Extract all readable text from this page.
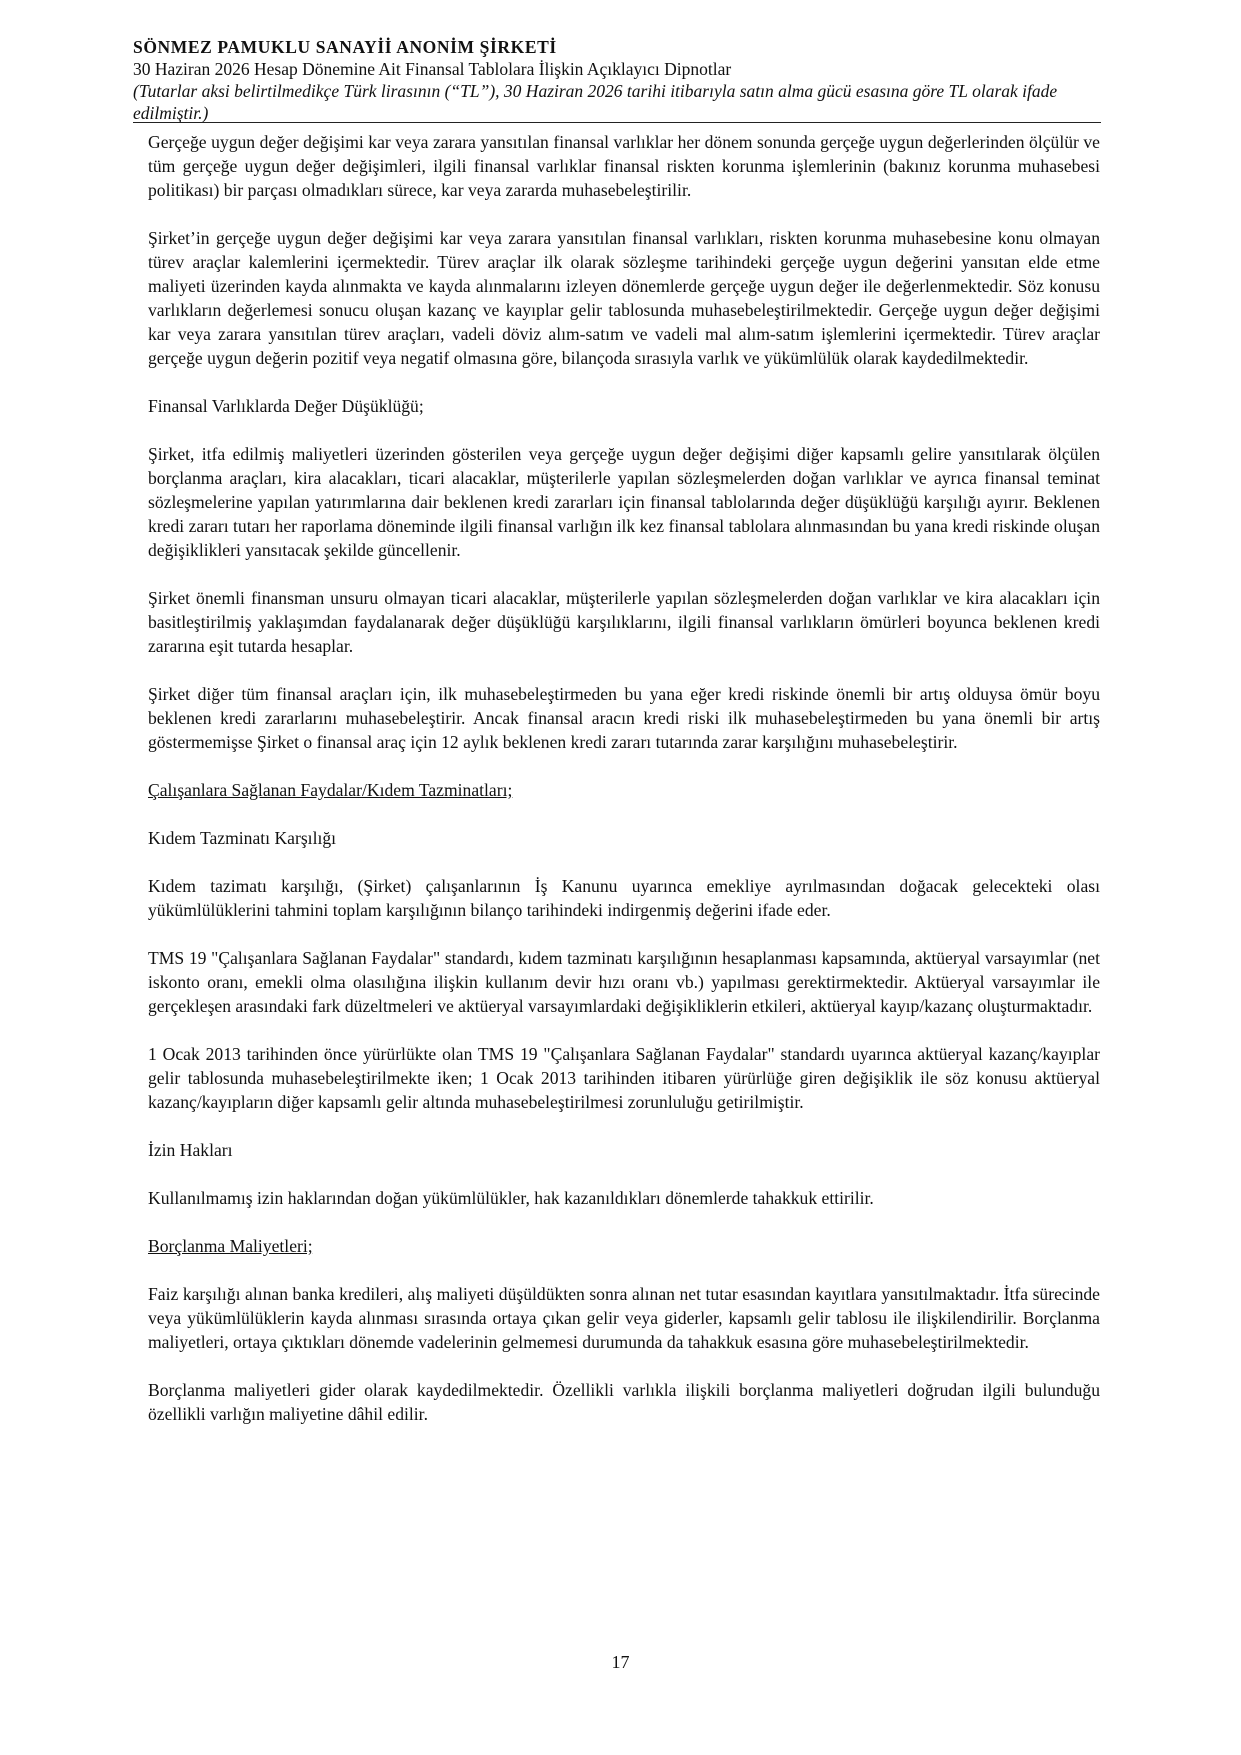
SÖNMEZ PAMUKLU SANAYİİ ANONİM ŞİRKETİ
30 Haziran 2026 Hesap Dönemine Ait Finansal Tablolara İlişkin Açıklayıcı Dipnotlar
(Tutarlar aksi belirtilmedikçe Türk lirasının (“TL”), 30 Haziran 2026 tarihi itibarıyla satın alma gücü esasına göre TL olarak ifade edilmiştir.)

Gerçeğe uygun değer değişimi kar veya zarara yansıtılan finansal varlıklar her dönem sonunda gerçeğe uygun değerlerinden ölçülür ve tüm gerçeğe uygun değer değişimleri, ilgili finansal varlıklar finansal riskten korunma işlemlerinin (bakınız korunma muhasebesi politikası) bir parçası olmadıkları sürece, kar veya zararda muhasebeleştirilir.

Şirket’in gerçeğe uygun değer değişimi kar veya zarara yansıtılan finansal varlıkları, riskten korunma muhasebesine konu olmayan türev araçlar kalemlerini içermektedir. Türev araçlar ilk olarak sözleşme tarihindeki gerçeğe uygun değerini yansıtan elde etme maliyeti üzerinden kayda alınmakta ve kayda alınmalarını izleyen dönemlerde gerçeğe uygun değer ile değerlenmektedir. Söz konusu varlıkların değerlemesi sonucu oluşan kazanç ve kayıplar gelir tablosunda muhasebeleştirilmektedir. Gerçeğe uygun değer değişimi kar veya zarara yansıtılan türev araçları, vadeli döviz alım-satım ve vadeli mal alım-satım işlemlerini içermektedir. Türev araçlar gerçeğe uygun değerin pozitif veya negatif olmasına göre, bilançoda sırasıyla varlık ve yükümlülük olarak kaydedilmektedir.

Finansal Varlıklarda Değer Düşüklüğü;

Şirket, itfa edilmiş maliyetleri üzerinden gösterilen veya gerçeğe uygun değer değişimi diğer kapsamlı gelire yansıtılarak ölçülen borçlanma araçları, kira alacakları, ticari alacaklar, müşterilerle yapılan sözleşmelerden doğan varlıklar ve ayrıca finansal teminat sözleşmelerine yapılan yatırımlarına dair beklenen kredi zararları için finansal tablolarında değer düşüklüğü karşılığı ayırır. Beklenen kredi zararı tutarı her raporlama döneminde ilgili finansal varlığın ilk kez finansal tablolara alınmasından bu yana kredi riskinde oluşan değişiklikleri yansıtacak şekilde güncellenir.

Şirket önemli finansman unsuru olmayan ticari alacaklar, müşterilerle yapılan sözleşmelerden doğan varlıklar ve kira alacakları için basitleştirilmiş yaklaşımdan faydalanarak değer düşüklüğü karşılıklarını, ilgili finansal varlıkların ömürleri boyunca beklenen kredi zararına eşit tutarda hesaplar.

Şirket diğer tüm finansal araçları için, ilk muhasebeleştirmeden bu yana eğer kredi riskinde önemli bir artış olduysa ömür boyu beklenen kredi zararlarını muhasebeleştirir. Ancak finansal aracın kredi riski ilk muhasebeleştirmeden bu yana önemli bir artış göstermemişse Şirket o finansal araç için 12 aylık beklenen kredi zararı tutarında zarar karşılığını muhasebeleştirir.

Çalışanlara Sağlanan Faydalar/Kıdem Tazminatları;
Kıdem Tazminatı Karşılığı

Kıdem tazimatı karşılığı, (Şirket) çalışanlarının İş Kanunu uyarınca emekliye ayrılmasından doğacak gelecekteki olası yükümlülüklerini tahmini toplam karşılığının bilanço tarihindeki indirgenmiş değerini ifade eder.

TMS 19 "Çalışanlara Sağlanan Faydalar" standardı, kıdem tazminatı karşılığının hesaplanması kapsamında, aktüeryal varsayımlar (net iskonto oranı, emekli olma olasılığına ilişkin kullanım devir hızı oranı vb.) yapılması gerektirmektedir. Aktüeryal varsayımlar ile gerçekleşen arasındaki fark düzeltmeleri ve aktüeryal varsayımlardaki değişikliklerin etkileri, aktüeryal kayıp/kazanç oluşturmaktadır.

1 Ocak 2013 tarihinden önce yürürlükte olan TMS 19 "Çalışanlara Sağlanan Faydalar" standardı uyarınca aktüeryal kazanç/kayıplar gelir tablosunda muhasebeleştirilmekte iken; 1 Ocak 2013 tarihinden itibaren yürürlüğe giren değişiklik ile söz konusu aktüeryal kazanç/kayıpların diğer kapsamlı gelir altında muhasebeleştirilmesi zorunluluğu getirilmiştir.

İzin Hakları

Kullanılmamış izin haklarından doğan yükümlülükler, hak kazanıldıkları dönemlerde tahakkuk ettirilir.

Borçlanma Maliyetleri;

Faiz karşılığı alınan banka kredileri, alış maliyeti düşüldükten sonra alınan net tutar esasından kayıtlara yansıtılmaktadır. İtfa sürecinde veya yükümlülüklerin kayda alınması sırasında ortaya çıkan gelir veya giderler, kapsamlı gelir tablosu ile ilişkilendirilir. Borçlanma maliyetleri, ortaya çıktıkları dönemde vadelerinin gelmemesi durumunda da tahakkuk esasına göre muhasebeleştirilmektedir.

Borçlanma maliyetleri gider olarak kaydedilmektedir. Özellikli varlıkla ilişkili borçlanma maliyetleri doğrudan ilgili bulunduğu özellikli varlığın maliyetine dâhil edilir.

17
